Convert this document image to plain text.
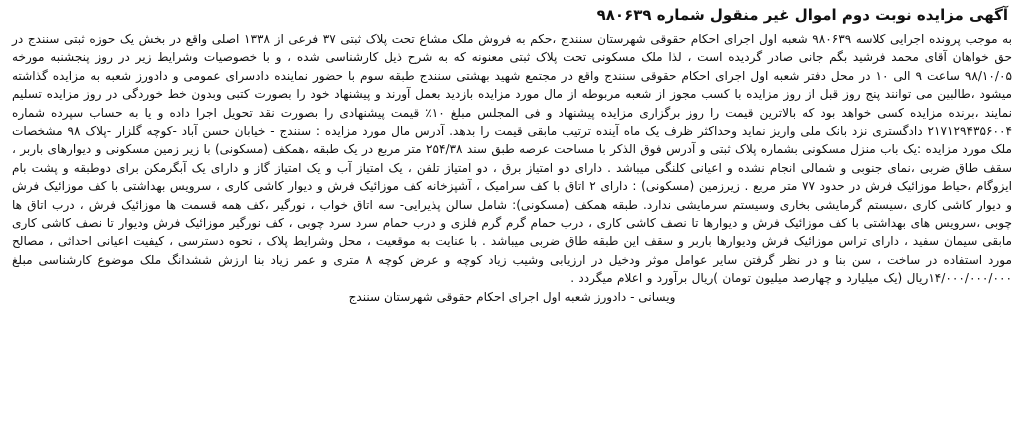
آگهی مزایده نوبت دوم اموال غیر منقول شماره ۹۸۰۶۳۹

به موجب پرونده اجرایی کلاسه ۹۸۰۶۳۹ شعبه اول اجرای احکام حقوقی شهرستان سنندج ،حکم به فروش ملک مشاع تحت پلاک ثبتی ۳۷ فرعی از ۱۳۳۸ اصلی واقع در بخش یک حوزه ثبتی سنندج در حق خواهان آقای محمد فرشید بگم جانی صادر گردیده است ، لذا ملک مسکونی تحت پلاک ثبتی معنونه که به شرح ذیل کارشناسی شده ، و با خصوصیات وشرایط زیر در روز پنجشنبه مورخه ۹۸/۱۰/۰۵ ساعت ۹ الی ۱۰ در محل دفتر شعبه اول اجرای احکام حقوقی سنندج واقع در مجتمع شهید بهشتی سنندج طبقه سوم با حضور نماینده دادسرای عمومی و دادورز شعبه به مزایده گذاشته میشود ،طالبین می توانند پنج روز قبل از روز مزایده با کسب مجوز از شعبه مربوطه از مال مورد مزایده بازدید بعمل آورند و پیشنهاد خود را بصورت کتبی وبدون خط خوردگی در روز مزایده تسلیم نمایند ،برنده مزایده کسی خواهد بود که بالاترین قیمت را روز برگزاری مزایده پیشنهاد و فی المجلس مبلغ ۱۰٪ قیمت پیشنهادی را بصورت نقد تحویل اجرا داده و یا به حساب سپرده شماره ۲۱۷۱۲۹۴۳۵۶۰۰۴ دادگستری نزد بانک ملی واریز نماید وحداکثر ظرف یک ماه آینده ترتیب مابقی قیمت را بدهد. آدرس مال مورد مزایده : سنندج - خیابان حسن آباد -کوچه گلزار -پلاک ۹۸ مشخصات ملک مورد مزایده :یک باب منزل مسکونی بشماره پلاک ثبتی و آدرس فوق الذکر با مساحت عرصه طبق سند ۲۵۴/۳۸ متر مربع در یک طبقه ،همکف (مسکونی) با زیر زمین مسکونی و دیوارهای باربر ، سقف طاق ضربی ،نمای جنوبی و شمالی انجام نشده و اعیانی کلنگی میباشد . دارای دو امتیاز برق ، دو امتیاز تلفن ، یک امتیاز آب و یک امتیاز گاز و دارای یک آبگرمکن برای دوطبقه و پشت بام ایزوگام ،حیاط موزائیک فرش در حدود ۷۷ متر مربع . زیرزمین (مسکونی) : دارای ۲ اتاق با کف سرامیک ، آشپزخانه کف موزائیک فرش و دیوار کاشی کاری ، سرویس بهداشتی با کف موزائیک فرش و دیوار کاشی کاری ،سیستم گرمایشی بخاری وسیستم سرمایشی ندارد. طبقه همکف (مسکونی): شامل سالن پذیرایی- سه اتاق خواب ، نورگیر ،کف همه قسمت ها موزائیک فرش ، درب اتاق ها چوبی ،سرویس های بهداشتی با کف موزائیک فرش و دیوارها تا نصف کاشی کاری ، درب حمام گرم گرم فلزی و درب حمام سرد سرد چوبی ، کف نورگیر موزائیک فرش ودیوار تا نصف کاشی کاری مابقی سیمان سفید ، دارای تراس موزائیک فرش ودیوارها باربر و سقف این طبقه طاق ضربی میباشد . با عنایت به موقعیت ، محل وشرایط پلاک ، نحوه دسترسی ، کیفیت اعیانی احداثی ، مصالح مورد استفاده در ساخت ، سن بنا و در نظر گرفتن سایر عوامل موثر ودخیل در ارزیابی وشیب زیاد کوچه و عرض کوچه ۸ متری و عمر زیاد بنا ارزش ششدانگ ملک موضوع کارشناسی مبلغ ۱۴/۰۰۰/۰۰۰/۰۰۰ریال (یک میلیارد و چهارصد میلیون تومان )ریال برآورد و اعلام میگردد .

ویسانی - دادورز شعبه اول اجرای احکام حقوقی شهرستان سنندج
